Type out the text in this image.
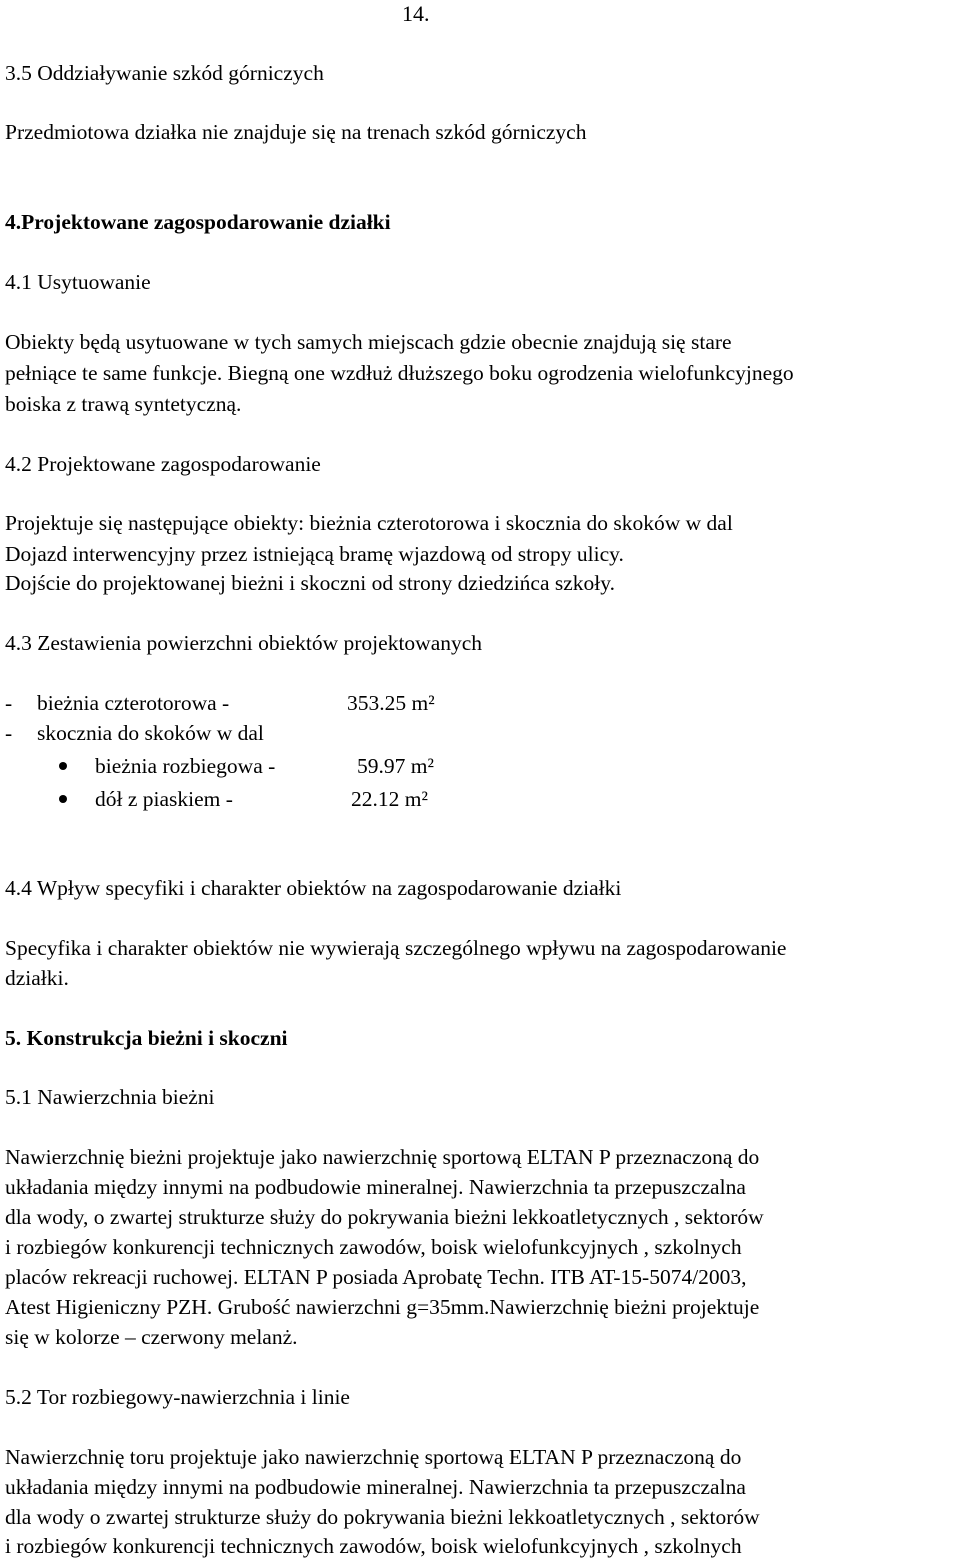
14.
3.5 Oddziaływanie szkód górniczych
Przedmiotowa działka nie znajduje się na trenach szkód górniczych
4.Projektowane zagospodarowanie działki
4.1 Usytuowanie
Obiekty będą usytuowane w tych samych miejscach gdzie obecnie znajdują się stare
pełniące te same funkcje. Biegną one wzdłuż dłuższego boku ogrodzenia wielofunkcyjnego
boiska z trawą syntetyczną.
4.2 Projektowane zagospodarowanie
Projektuje się następujące obiekty: bieżnia czterotorowa i skocznia do skoków w dal
Dojazd interwencyjny przez istniejącą bramę wjazdową od stropy ulicy.
Dojście do projektowanej bieżni i skoczni od strony dziedzińca szkoły.
4.3 Zestawienia powierzchni obiektów projektowanych
- bieżnia czterotorowa -	353.25 m²
- skocznia do skoków w dal
bieżnia rozbiegowa -	59.97 m²
dół z piaskiem -	22.12 m²
4.4 Wpływ specyfiki i charakter obiektów na zagospodarowanie działki
Specyfika i charakter obiektów nie wywierają szczególnego wpływu na zagospodarowanie
działki.
5. Konstrukcja bieżni i skoczni
5.1 Nawierzchnia bieżni
Nawierzchnię bieżni projektuje jako nawierzchnię sportową ELTAN P przeznaczoną do
układania między innymi na podbudowie mineralnej. Nawierzchnia ta przepuszczalna
dla wody, o zwartej strukturze służy do pokrywania bieżni lekkoatletycznych , sektorów
i rozbiegów konkurencji technicznych zawodów, boisk wielofunkcyjnych , szkolnych
placów rekreacji ruchowej. ELTAN P posiada Aprobatę Techn. ITB AT-15-5074/2003,
Atest Higieniczny PZH. Grubość nawierzchni g=35mm.Nawierzchnię bieżni projektuje
się w kolorze – czerwony melanż.
5.2 Tor rozbiegowy-nawierzchnia i linie
Nawierzchnię toru projektuje jako nawierzchnię sportową ELTAN P przeznaczoną do
układania między innymi na podbudowie mineralnej. Nawierzchnia ta przepuszczalna
dla wody o zwartej strukturze służy do pokrywania bieżni lekkoatletycznych , sektorów
i rozbiegów konkurencji technicznych zawodów, boisk wielofunkcyjnych , szkolnych
